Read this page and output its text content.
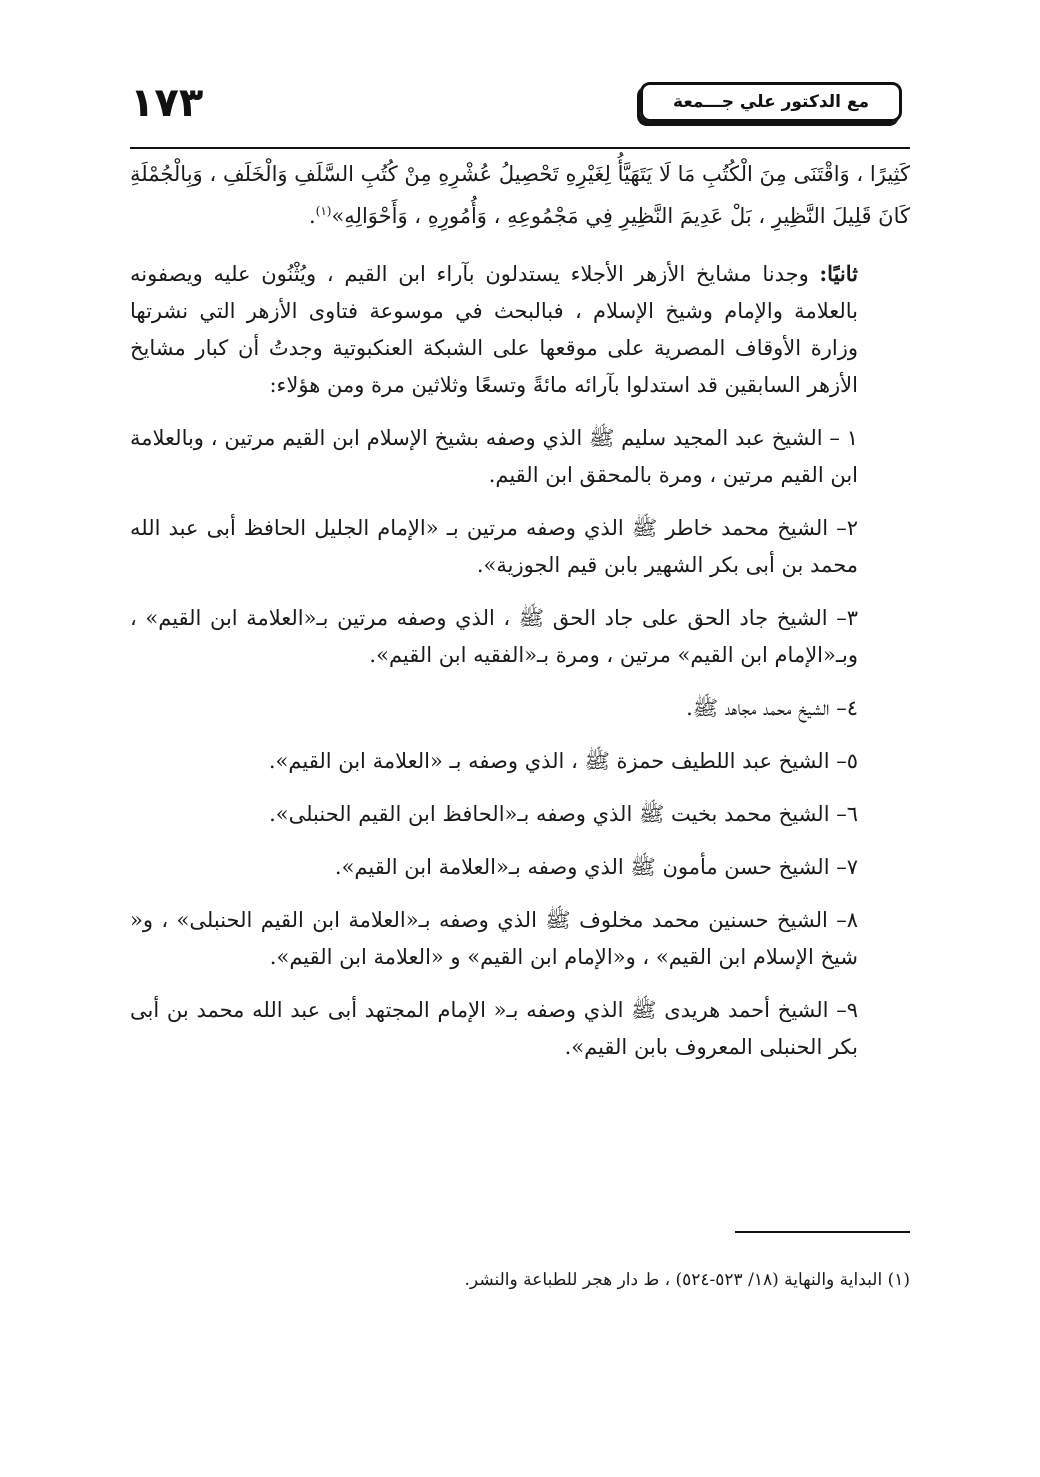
١٧٣	مع الدكتور علي جـــمعة

كَثِيرًا ، وَاقْتَنَى مِنَ الْكُتُبِ مَا لَا يَتَهَيَّأُ لِغَيْرِهِ تَحْصِيلُ عُشْرِهِ مِنْ كُتُبِ السَّلَفِ وَالْخَلَفِ ، وَبِالْجُمْلَةِ كَانَ قَلِيلَ النَّظِيرِ ، بَلْ عَدِيمَ النَّظِيرِ فِي مَجْمُوعِهِ ، وَأُمُورِهِ ، وَأَحْوَالِهِ»$^{(١)}$.

ثانيًا: وجدنا مشايخ الأزهر الأجلاء يستدلون بآراء ابن القيم ، ويُثْنُون عليه ويصفونه بالعلامة والإمام وشيخ الإسلام ، فبالبحث في موسوعة فتاوى الأزهر التي نشرتها وزارة الأوقاف المصرية على موقعها على الشبكة العنكبوتية وجدتُ أن كبار مشايخ الأزهر السابقين قد استدلوا بآرائه مائةً وتسعًا وثلاثين مرة ومن هؤلاء:

١ – الشيخ عبد المجيد سليم ﷺ الذي وصفه بشيخ الإسلام ابن القيم مرتين ، وبالعلامة ابن القيم مرتين ، ومرة بالمحقق ابن القيم.

٢– الشيخ محمد خاطر ﷺ الذي وصفه مرتين بـ «الإمام الجليل الحافظ أبى عبد الله محمد بن أبى بكر الشهير بابن قيم الجوزية».

٣– الشيخ جاد الحق على جاد الحق ﷺ ، الذي وصفه مرتين بـ«العلامة ابن القيم» ، وبـ«الإمام ابن القيم» مرتين ، ومرة بـ«الفقيه ابن القيم».

٤– الشيخ محمد مجاهد ﷺ.

٥– الشيخ عبد اللطيف حمزة ﷺ ، الذي وصفه بـ «العلامة ابن القيم».

٦– الشيخ محمد بخيت ﷺ الذي وصفه بـ«الحافظ ابن القيم الحنبلى».

٧– الشيخ حسن مأمون ﷺ الذي وصفه بـ«العلامة ابن القيم».

٨– الشيخ حسنين محمد مخلوف ﷺ الذي وصفه بـ«العلامة ابن القيم الحنبلى» ، و« شيخ الإسلام ابن القيم» ، و«الإمام ابن القيم» و «العلامة ابن القيم».

٩– الشيخ أحمد هريدى ﷺ الذي وصفه بـ« الإمام المجتهد أبى عبد الله محمد بن أبى بكر الحنبلى المعروف بابن القيم».

(١) البداية والنهاية (١٨/ ٥٢٣-٥٢٤) ، ط دار هجر للطباعة والنشر.
